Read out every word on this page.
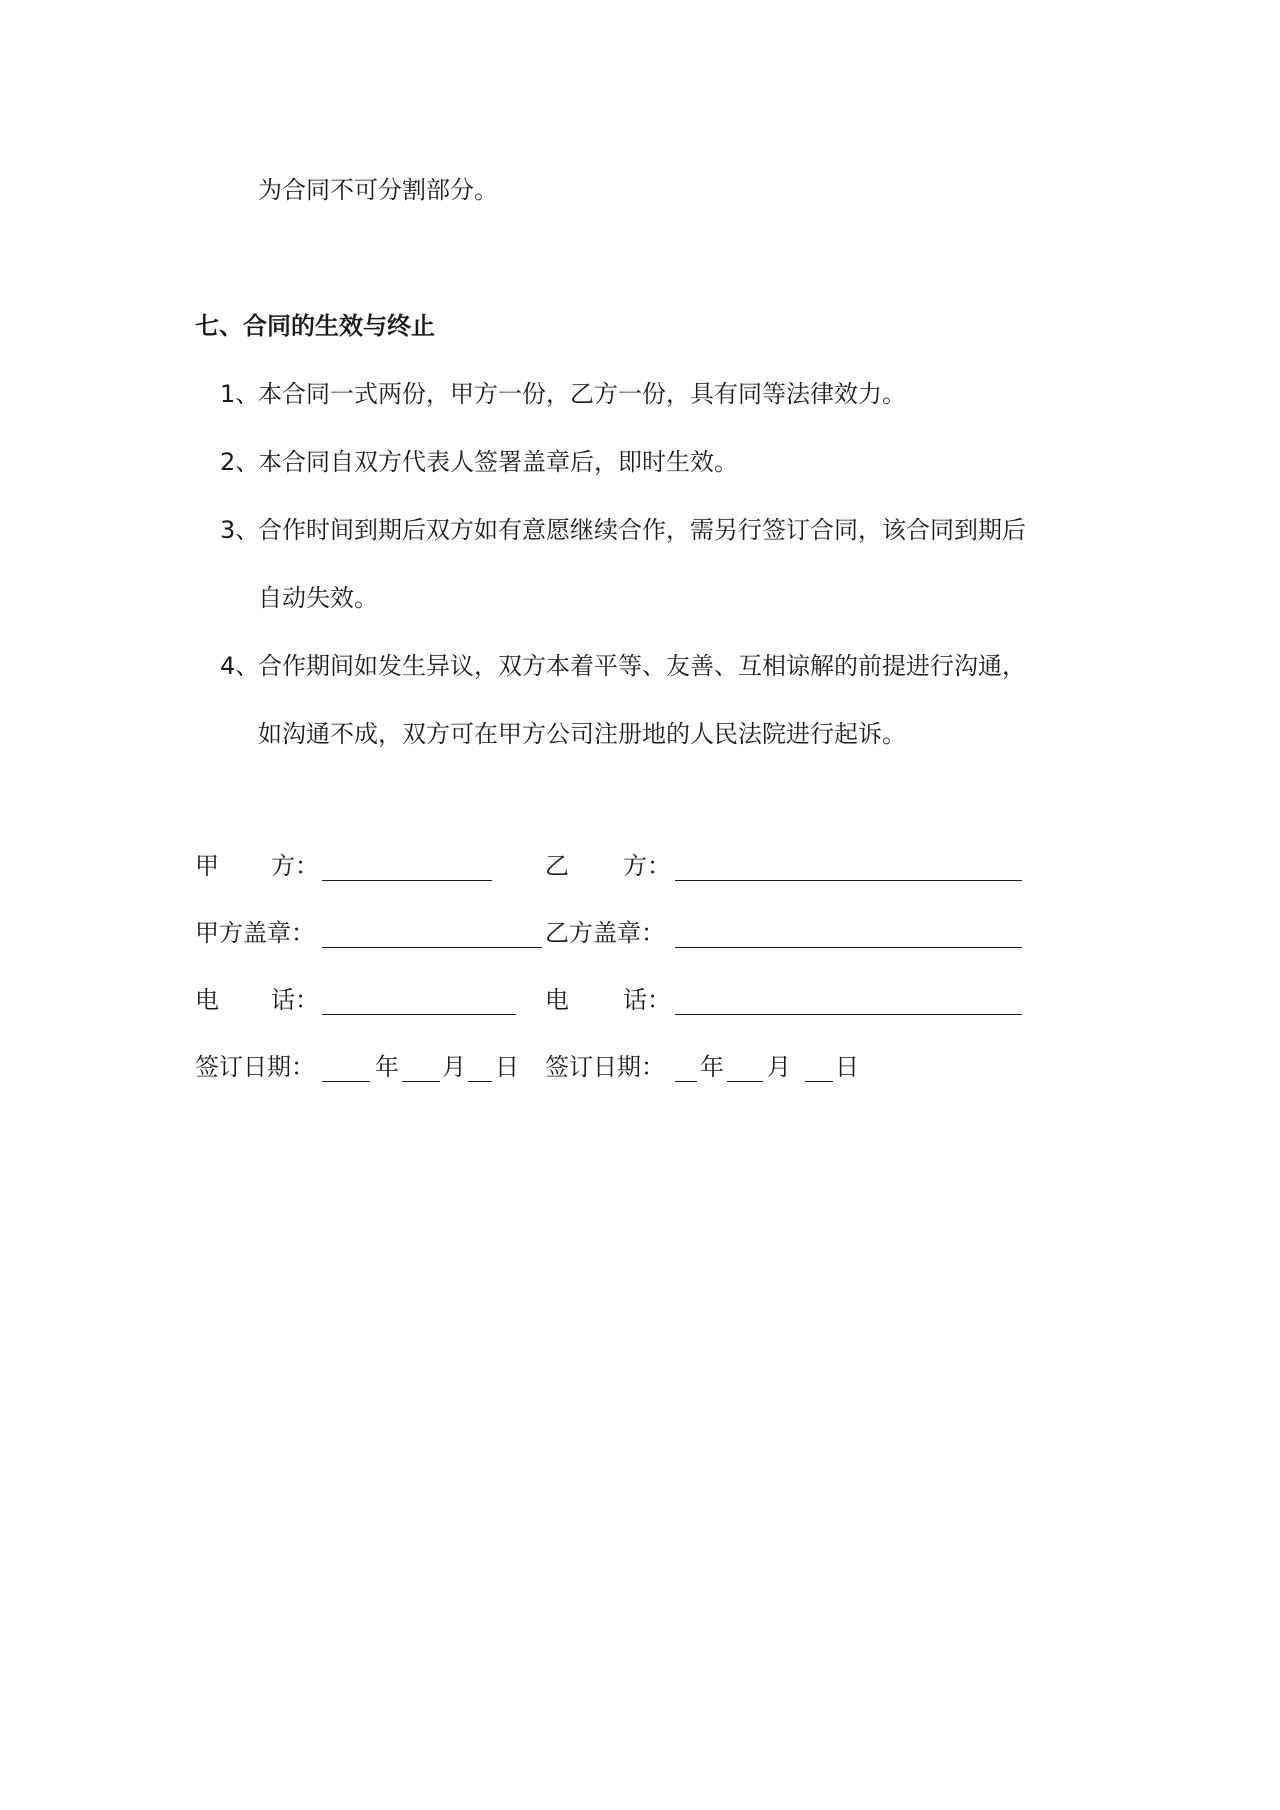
为合同不可分割部分。
七、合同的生效与终止
1、
本合同一式两份，甲方一份，乙方一份，具有同等法律效力。
2、
本合同自双方代表人签署盖章后，即时生效。
3、
合作时间到期后双方如有意愿继续合作，需另行签订合同，该合同到期后
自动失效。
4、
合作期间如发生异议，双方本着平等、友善、互相谅解的前提进行沟通，
如沟通不成，双方可在甲方公司注册地的人民法院进行起诉。
甲 方：	乙 方：
甲方盖章：	乙方盖章：
电 话：	电 话：
签订日期：	年 月 日 签订日期： 年 月 日
